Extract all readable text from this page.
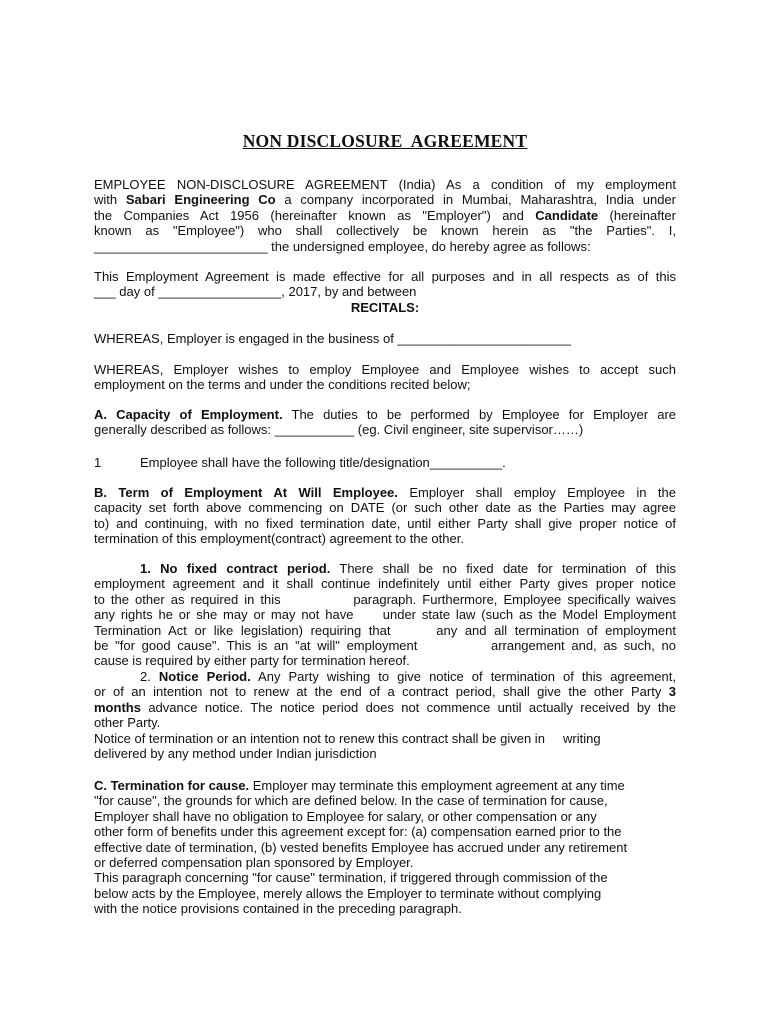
NON DISCLOSURE  AGREEMENT
EMPLOYEE NON-DISCLOSURE AGREEMENT (India) As a condition of my employment
with Sabari Engineering Co a company incorporated in Mumbai, Maharashtra, India under
the Companies Act 1956 (hereinafter known as "Employer") and Candidate (hereinafter
known as "Employee") who shall collectively be known herein as "the Parties". I,
________________________ the undersigned employee, do hereby agree as follows:
This Employment Agreement is made effective for all purposes and in all respects as of this
___ day of _________________, 2017, by and between
RECITALS:
WHEREAS, Employer is engaged in the business of ________________________
WHEREAS, Employer wishes to employ Employee and Employee wishes to accept such
employment on the terms and under the conditions recited below;
A. Capacity of Employment. The duties to be performed by Employee for Employer are
generally described as follows: ___________ (eg. Civil engineer, site supervisor……)
1	Employee shall have the following title/designation__________.
B. Term of Employment At Will Employee. Employer shall employ Employee in the
capacity set forth above commencing on DATE (or such other date as the Parties may agree
to) and continuing, with no fixed termination date, until either Party shall give proper notice of
termination of this employment(contract) agreement to the other.
1. No fixed contract period. There shall be no fixed date for termination of this
employment agreement and it shall continue indefinitely until either Party gives proper notice
to the other as required in this            paragraph. Furthermore, Employee specifically waives
any rights he or she may or may not have     under state law (such as the Model Employment
Termination Act or like legislation) requiring that      any and all termination of employment
be "for good cause". This is an "at will" employment           arrangement and, as such, no
cause is required by either party for termination hereof.
2. Notice Period. Any Party wishing to give notice of termination of this agreement,
or of an intention not to renew at the end of a contract period, shall give the other Party 3
months advance notice. The notice period does not commence until actually received by the
other Party.
Notice of termination or an intention not to renew this contract shall be given in     writing
delivered by any method under Indian jurisdiction
C. Termination for cause. Employer may terminate this employment agreement at any time
"for cause", the grounds for which are defined below. In the case of termination for cause,
Employer shall have no obligation to Employee for salary, or other compensation or any
other form of benefits under this agreement except for: (a) compensation earned prior to the
effective date of termination, (b) vested benefits Employee has accrued under any retirement
or deferred compensation plan sponsored by Employer.
This paragraph concerning "for cause" termination, if triggered through commission of the
below acts by the Employee, merely allows the Employer to terminate without complying
with the notice provisions contained in the preceding paragraph.
